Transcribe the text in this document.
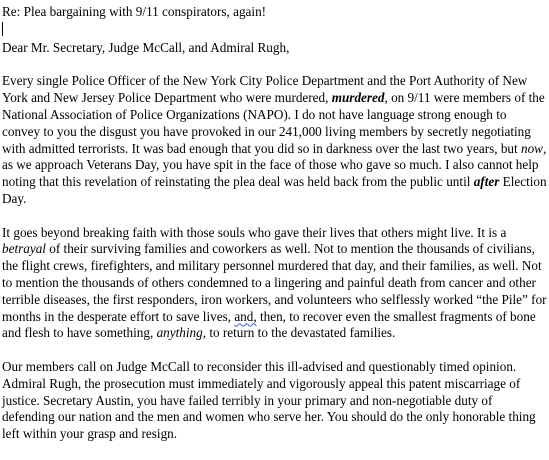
Re: Plea bargaining with 9/11 conspirators, again!

Dear Mr. Secretary, Judge McCall, and Admiral Rugh,

Every single Police Officer of the New York City Police Department and the Port Authority of New York and New Jersey Police Department who were murdered, murdered, on 9/11 were members of the National Association of Police Organizations (NAPO). I do not have language strong enough to convey to you the disgust you have provoked in our 241,000 living members by secretly negotiating with admitted terrorists. It was bad enough that you did so in darkness over the last two years, but now, as we approach Veterans Day, you have spit in the face of those who gave so much. I also cannot help noting that this revelation of reinstating the plea deal was held back from the public until after Election Day.

It goes beyond breaking faith with those souls who gave their lives that others might live. It is a betrayal of their surviving families and coworkers as well. Not to mention the thousands of civilians, the flight crews, firefighters, and military personnel murdered that day, and their families, as well. Not to mention the thousands of others condemned to a lingering and painful death from cancer and other terrible diseases, the first responders, iron workers, and volunteers who selflessly worked “the Pile” for months in the desperate effort to save lives, and, then, to recover even the smallest fragments of bone and flesh to have something, anything, to return to the devastated families.

Our members call on Judge McCall to reconsider this ill-advised and questionably timed opinion. Admiral Rugh, the prosecution must immediately and vigorously appeal this patent miscarriage of justice. Secretary Austin, you have failed terribly in your primary and non-negotiable duty of defending our nation and the men and women who serve her. You should do the only honorable thing left within your grasp and resign.
